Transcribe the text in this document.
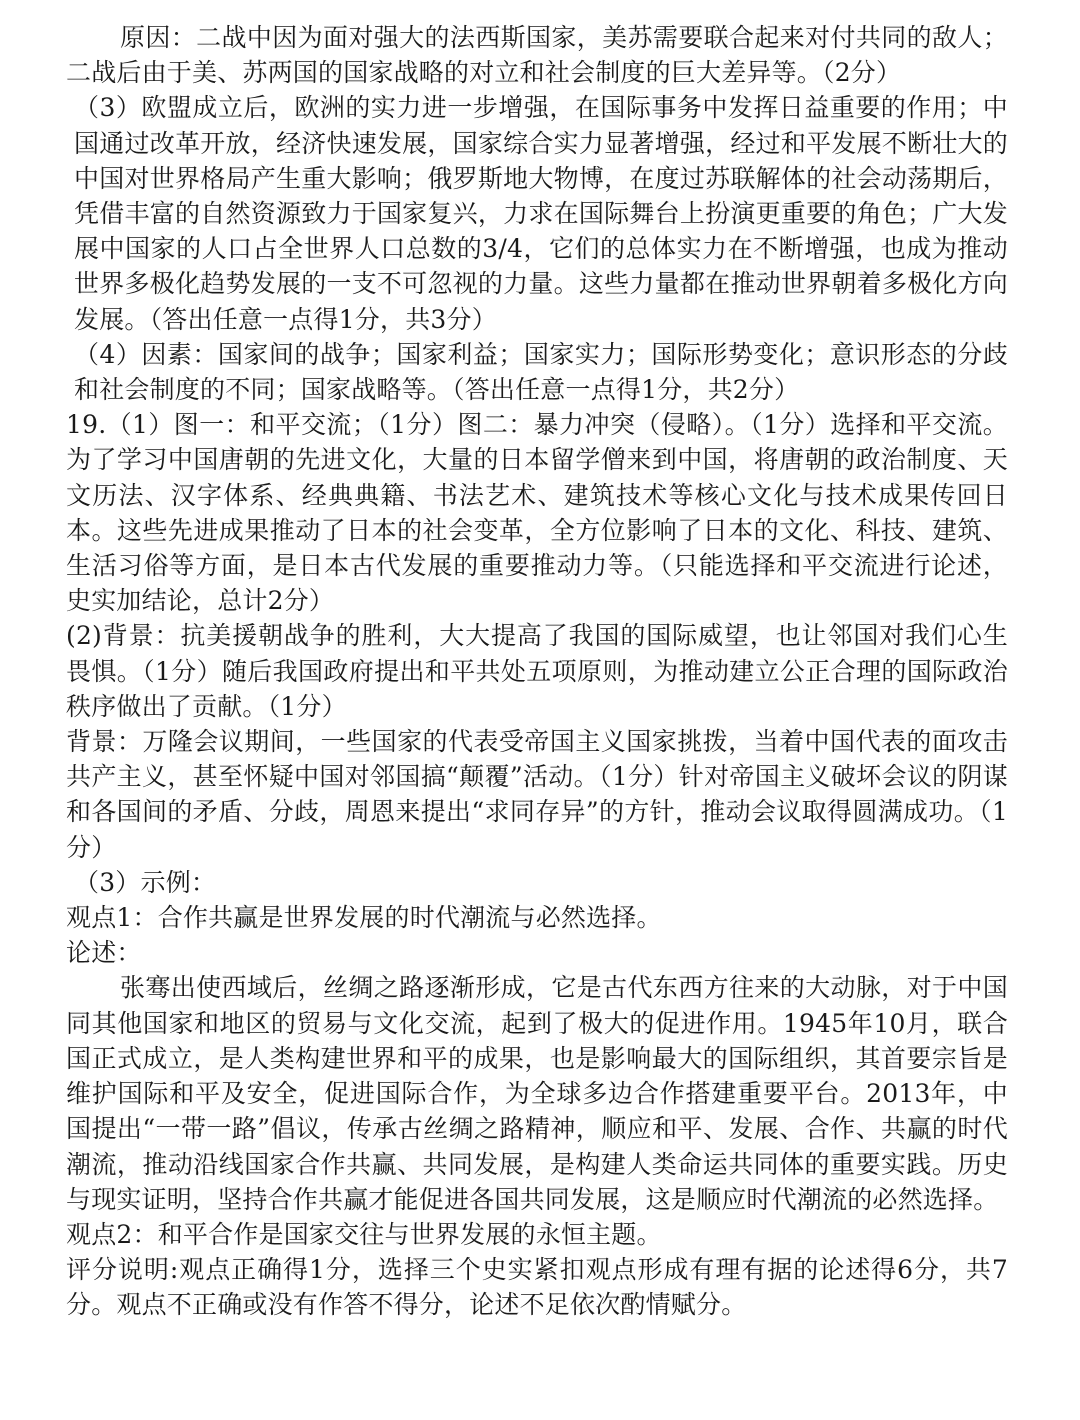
原因：二战中因为面对强大的法西斯国家，美苏需要联合起来对付共同的敌人；二战后由于美、苏两国的国家战略的对立和社会制度的巨大差异等。（2分）

（3）欧盟成立后，欧洲的实力进一步增强，在国际事务中发挥日益重要的作用；中国通过改革开放，经济快速发展，国家综合实力显著增强，经过和平发展不断壮大的中国对世界格局产生重大影响；俄罗斯地大物博，在度过苏联解体的社会动荡期后，凭借丰富的自然资源致力于国家复兴，力求在国际舞台上扮演更重要的角色；广大发展中国家的人口占全世界人口总数的3/4，它们的总体实力在不断增强，也成为推动世界多极化趋势发展的一支不可忽视的力量。这些力量都在推动世界朝着多极化方向发展。（答出任意一点得1分，共3分）

（4）因素：国家间的战争；国家利益；国家实力；国际形势变化；意识形态的分歧和社会制度的不同；国家战略等。（答出任意一点得1分，共2分）

19.（1）图一：和平交流；（1分）图二：暴力冲突（侵略）。（1分）选择和平交流。为了学习中国唐朝的先进文化，大量的日本留学僧来到中国，将唐朝的政治制度、天文历法、汉字体系、经典典籍、书法艺术、建筑技术等核心文化与技术成果传回日本。这些先进成果推动了日本的社会变革，全方位影响了日本的文化、科技、建筑、生活习俗等方面，是日本古代发展的重要推动力等。（只能选择和平交流进行论述，史实加结论，总计2分）

(2)背景：抗美援朝战争的胜利，大大提高了我国的国际威望，也让邻国对我们心生畏惧。（1分）随后我国政府提出和平共处五项原则，为推动建立公正合理的国际政治秩序做出了贡献。（1分）

背景：万隆会议期间，一些国家的代表受帝国主义国家挑拨，当着中国代表的面攻击共产主义，甚至怀疑中国对邻国搞“颠覆”活动。（1分）针对帝国主义破坏会议的阴谋和各国间的矛盾、分歧，周恩来提出“求同存异”的方针，推动会议取得圆满成功。（1分）

（3）示例：

观点1：合作共赢是世界发展的时代潮流与必然选择。

论述：

张骞出使西域后，丝绸之路逐渐形成，它是古代东西方往来的大动脉，对于中国同其他国家和地区的贸易与文化交流，起到了极大的促进作用。1945年10月，联合国正式成立，是人类构建世界和平的成果，也是影响最大的国际组织，其首要宗旨是维护国际和平及安全，促进国际合作，为全球多边合作搭建重要平台。2013年，中国提出“一带一路”倡议，传承古丝绸之路精神，顺应和平、发展、合作、共赢的时代潮流，推动沿线国家合作共赢、共同发展，是构建人类命运共同体的重要实践。历史与现实证明，坚持合作共赢才能促进各国共同发展，这是顺应时代潮流的必然选择。

观点2：和平合作是国家交往与世界发展的永恒主题。

评分说明:观点正确得1分，选择三个史实紧扣观点形成有理有据的论述得6分，共7分。观点不正确或没有作答不得分，论述不足依次酌情赋分。
